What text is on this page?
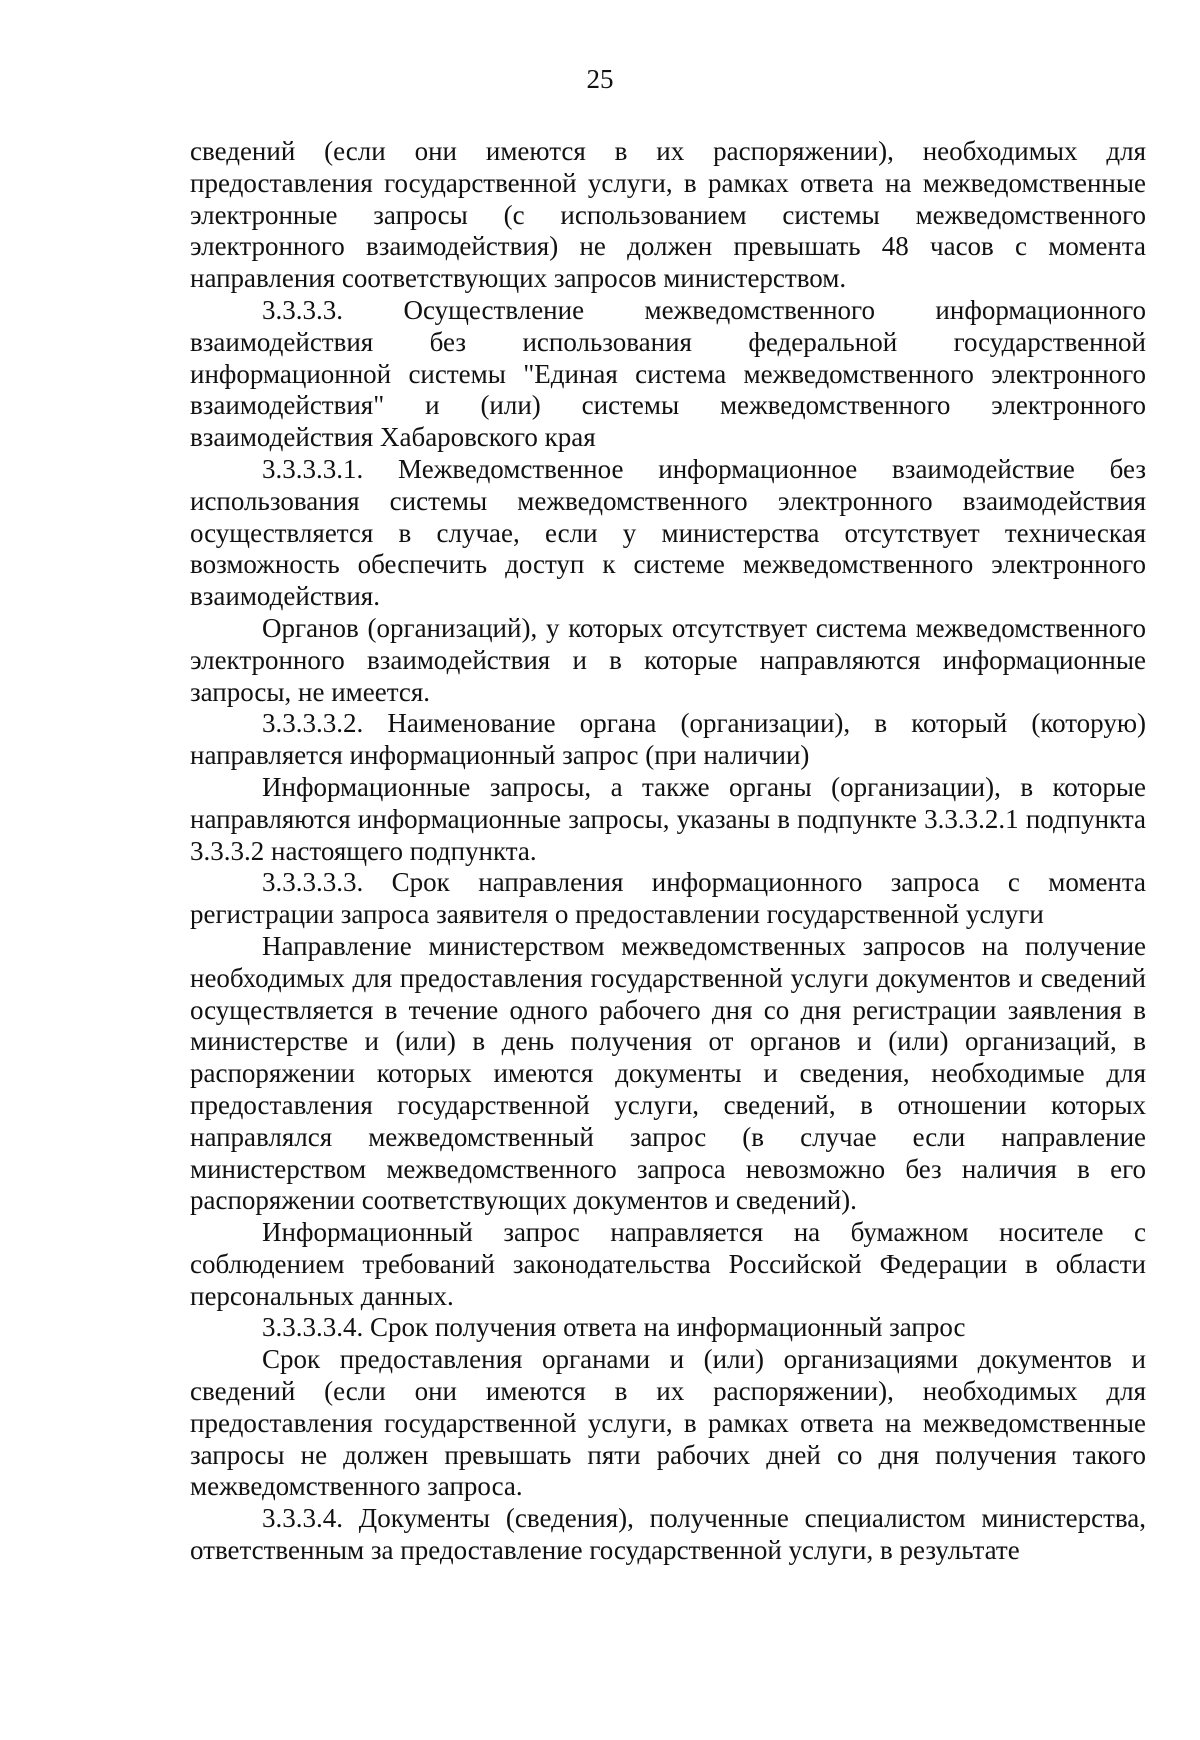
25

сведений (если они имеются в их распоряжении), необходимых для предоставления государственной услуги, в рамках ответа на межведомственные электронные запросы (с использованием системы межведомственного электронного взаимодействия) не должен превышать 48 часов с момента направления соответствующих запросов министерством.

3.3.3.3. Осуществление межведомственного информационного взаимодействия без использования федеральной государственной информационной системы "Единая система межведомственного электронного взаимодействия" и (или) системы межведомственного электронного взаимодействия Хабаровского края

3.3.3.3.1. Межведомственное информационное взаимодействие без использования системы межведомственного электронного взаимодействия осуществляется в случае, если у министерства отсутствует техническая возможность обеспечить доступ к системе межведомственного электронного взаимодействия.

Органов (организаций), у которых отсутствует система межведомственного электронного взаимодействия и в которые направляются информационные запросы, не имеется.

3.3.3.3.2. Наименование органа (организации), в который (которую) направляется информационный запрос (при наличии)

Информационные запросы, а также органы (организации), в которые направляются информационные запросы, указаны в подпункте 3.3.3.2.1 подпункта 3.3.3.2 настоящего подпункта.

3.3.3.3.3. Срок направления информационного запроса с момента регистрации запроса заявителя о предоставлении государственной услуги

Направление министерством межведомственных запросов на получение необходимых для предоставления государственной услуги документов и сведений осуществляется в течение одного рабочего дня со дня регистрации заявления в министерстве и (или) в день получения от органов и (или) организаций, в распоряжении которых имеются документы и сведения, необходимые для предоставления государственной услуги, сведений, в отношении которых направлялся межведомственный запрос (в случае если направление министерством межведомственного запроса невозможно без наличия в его распоряжении соответствующих документов и сведений).

Информационный запрос направляется на бумажном носителе с соблюдением требований законодательства Российской Федерации в области персональных данных.

3.3.3.3.4. Срок получения ответа на информационный запрос

Срок предоставления органами и (или) организациями документов и сведений (если они имеются в их распоряжении), необходимых для предоставления государственной услуги, в рамках ответа на межведомственные запросы не должен превышать пяти рабочих дней со дня получения такого межведомственного запроса.

3.3.3.4. Документы (сведения), полученные специалистом министерства, ответственным за предоставление государственной услуги, в результате
